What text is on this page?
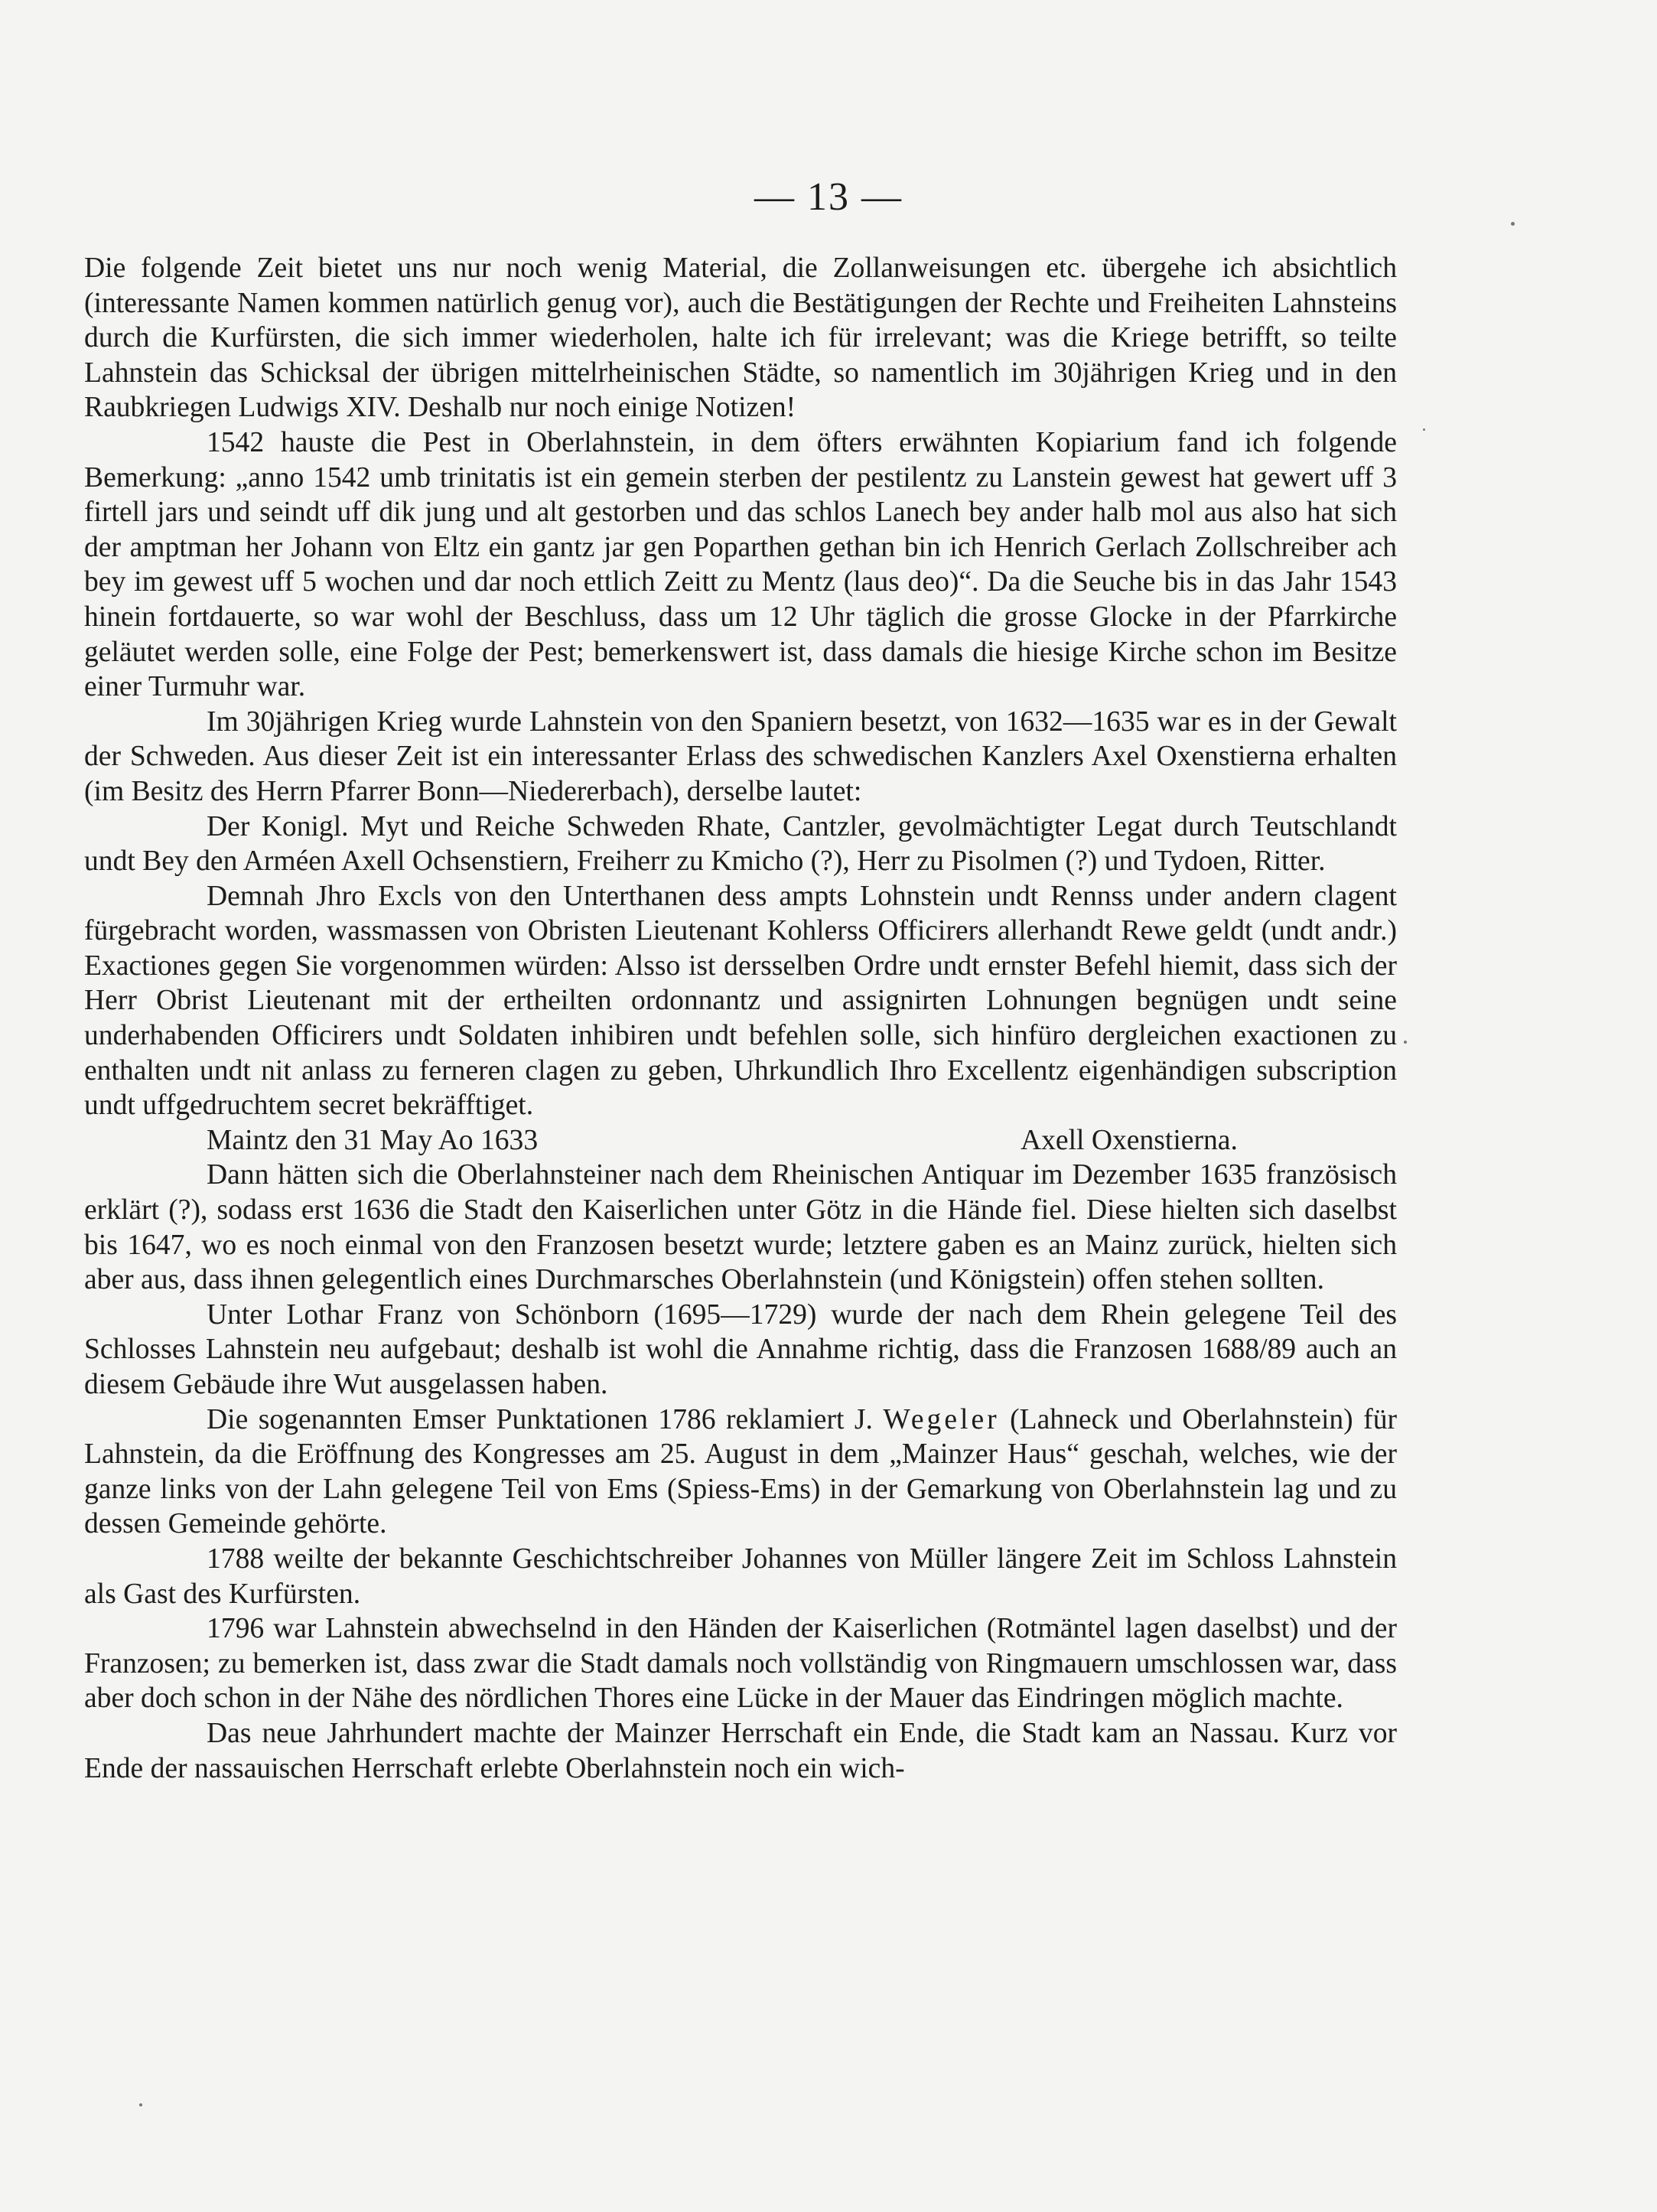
— 13 —

Die folgende Zeit bietet uns nur noch wenig Material, die Zollanweisungen etc. übergehe ich absichtlich (interessante Namen kommen natürlich genug vor), auch die Bestätigungen der Rechte und Freiheiten Lahnsteins durch die Kurfürsten, die sich immer wiederholen, halte ich für irrelevant; was die Kriege betrifft, so teilte Lahnstein das Schicksal der übrigen mittelrheinischen Städte, so namentlich im 30jährigen Krieg und in den Raubkriegen Ludwigs XIV. Deshalb nur noch einige Notizen!

1542 hauste die Pest in Oberlahnstein, in dem öfters erwähnten Kopiarium fand ich folgende Bemerkung: „anno 1542 umb trinitatis ist ein gemein sterben der pestilentz zu Lanstein gewest hat gewert uff 3 firtell jars und seindt uff dik jung und alt gestorben und das schlos Lanech bey ander halb mol aus also hat sich der amptman her Johann von Eltz ein gantz jar gen Poparthen gethan bin ich Henrich Gerlach Zollschreiber ach bey im gewest uff 5 wochen und dar noch ettlich Zeitt zu Mentz (laus deo)“. Da die Seuche bis in das Jahr 1543 hinein fortdauerte, so war wohl der Beschluss, dass um 12 Uhr täglich die grosse Glocke in der Pfarrkirche geläutet werden solle, eine Folge der Pest; bemerkenswert ist, dass damals die hiesige Kirche schon im Besitze einer Turmuhr war.

Im 30jährigen Krieg wurde Lahnstein von den Spaniern besetzt, von 1632—1635 war es in der Gewalt der Schweden. Aus dieser Zeit ist ein interessanter Erlass des schwedischen Kanzlers Axel Oxenstierna erhalten (im Besitz des Herrn Pfarrer Bonn—Niedererbach), derselbe lautet:

Der Konigl. Myt und Reiche Schweden Rhate, Cantzler, gevolmächtigter Legat durch Teutschlandt undt Bey den Arméen Axell Ochsenstiern, Freiherr zu Kmicho (?), Herr zu Pisolmen (?) und Tydoen, Ritter.

Demnah Jhro Excls von den Unterthanen dess ampts Lohnstein undt Rennss under andern clagent fürgebracht worden, wassmassen von Obristen Lieutenant Kohlerss Officirers allerhandt Rewe geldt (undt andr.) Exactiones gegen Sie vorgenommen würden: Alsso ist dersselben Ordre undt ernster Befehl hiemit, dass sich der Herr Obrist Lieutenant mit der ertheilten ordonnantz und assignirten Lohnungen begnügen undt seine underhabenden Officirers undt Soldaten inhibiren undt befehlen solle, sich hinfüro dergleichen exactionen zu enthalten undt nit anlass zu ferneren clagen zu geben, Uhrkundlich Ihro Excellentz eigenhändigen subscription undt uffgedruchtem secret bekräfftiget.

Maintz den 31 May Ao 1633	Axell Oxenstierna.

Dann hätten sich die Oberlahnsteiner nach dem Rheinischen Antiquar im Dezember 1635 französisch erklärt (?), sodass erst 1636 die Stadt den Kaiserlichen unter Götz in die Hände fiel. Diese hielten sich daselbst bis 1647, wo es noch einmal von den Franzosen besetzt wurde; letztere gaben es an Mainz zurück, hielten sich aber aus, dass ihnen gelegentlich eines Durchmarsches Oberlahnstein (und Königstein) offen stehen sollten.

Unter Lothar Franz von Schönborn (1695—1729) wurde der nach dem Rhein gelegene Teil des Schlosses Lahnstein neu aufgebaut; deshalb ist wohl die Annahme richtig, dass die Franzosen 1688/89 auch an diesem Gebäude ihre Wut ausgelassen haben.

Die sogenannten Emser Punktationen 1786 reklamiert J. Wegeler (Lahneck und Oberlahnstein) für Lahnstein, da die Eröffnung des Kongresses am 25. August in dem „Mainzer Haus“ geschah, welches, wie der ganze links von der Lahn gelegene Teil von Ems (Spiess-Ems) in der Gemarkung von Oberlahnstein lag und zu dessen Gemeinde gehörte.

1788 weilte der bekannte Geschichtschreiber Johannes von Müller längere Zeit im Schloss Lahnstein als Gast des Kurfürsten.

1796 war Lahnstein abwechselnd in den Händen der Kaiserlichen (Rotmäntel lagen daselbst) und der Franzosen; zu bemerken ist, dass zwar die Stadt damals noch vollständig von Ringmauern umschlossen war, dass aber doch schon in der Nähe des nördlichen Thores eine Lücke in der Mauer das Eindringen möglich machte.

Das neue Jahrhundert machte der Mainzer Herrschaft ein Ende, die Stadt kam an Nassau. Kurz vor Ende der nassauischen Herrschaft erlebte Oberlahnstein noch ein wich-
